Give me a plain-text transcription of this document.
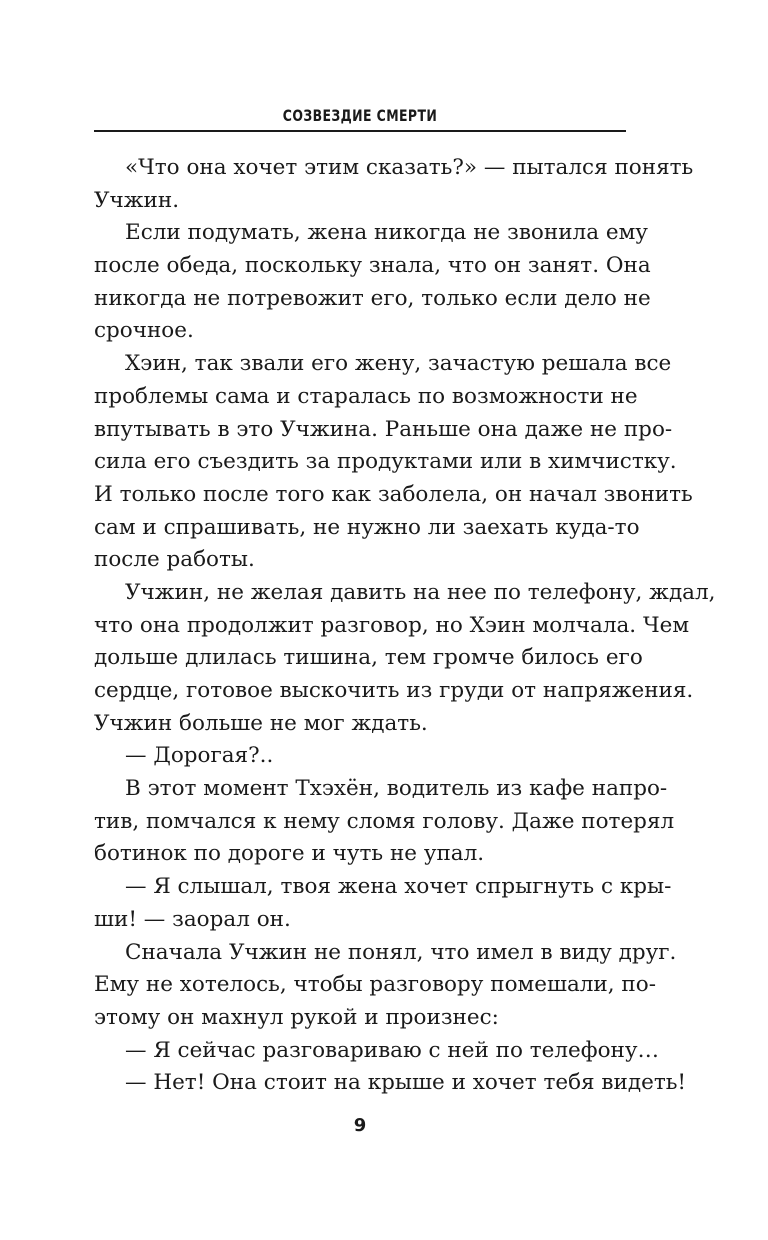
СОЗВЕЗДИЕ СМЕРТИ
«Что она хочет этим сказать?» — пытался понять
Учжин.
Если подумать, жена никогда не звонила ему
после обеда, поскольку знала, что он занят. Она
никогда не потревожит его, только если дело не
срочное.
Хэин, так звали его жену, зачастую решала все
проблемы сама и старалась по возможности не
впутывать в это Учжина. Раньше она даже не про-
сила его съездить за продуктами или в химчистку.
И только после того как заболела, он начал звонить
сам и спрашивать, не нужно ли заехать куда-то
после работы.
Учжин, не желая давить на нее по телефону, ждал,
что она продолжит разговор, но Хэин молчала. Чем
дольше длилась тишина, тем громче билось его
сердце, готовое выскочить из груди от напряжения.
Учжин больше не мог ждать.
— Дорогая?..
В этот момент Тхэхён, водитель из кафе напро-
тив, помчался к нему сломя голову. Даже потерял
ботинок по дороге и чуть не упал.
— Я слышал, твоя жена хочет спрыгнуть с кры-
ши! — заорал он.
Сначала Учжин не понял, что имел в виду друг.
Ему не хотелось, чтобы разговору помешали, по-
этому он махнул рукой и произнес:
— Я сейчас разговариваю с ней по телефону…
— Нет! Она стоит на крыше и хочет тебя видеть!
9
